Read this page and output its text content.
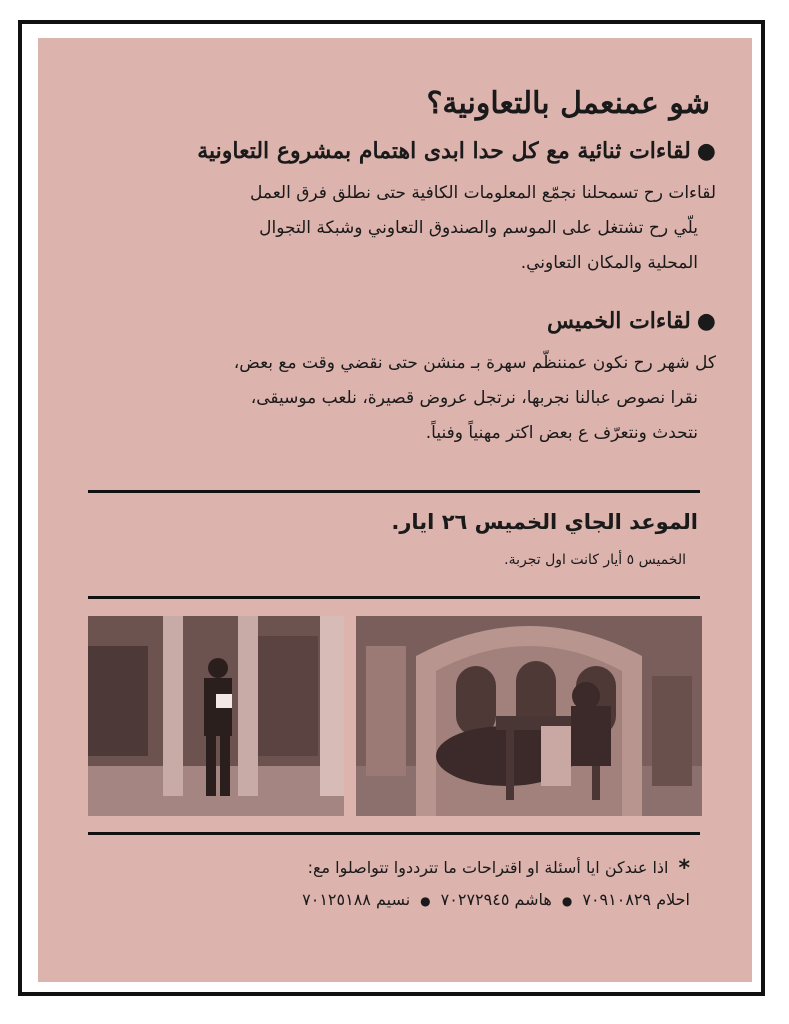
شو عمنعمل بالتعاونية؟
●لقاءات ثنائية مع كل حدا ابدى اهتمام بمشروع التعاونية
لقاءات رح تسمحلنا نجمّع المعلومات الكافية حتى نطلق فرق العمل
يلّي رح تشتغل على الموسم والصندوق التعاوني وشبكة التجوال
المحلية والمكان التعاوني.
●لقاءات الخميس
كل شهر رح نكون عمننظّم سهرة بـ منشن حتى نقضي وقت مع بعض،
نقرا نصوص عبالنا نجربها، نرتجل عروض قصيرة، نلعب موسيقى،
نتحدث ونتعرّف ع بعض اكتر مهنياً وفنياً.
الموعد الجاي الخميس ٢٦ ايار.
الخميس ٥ أيار كانت اول تجربة.
*اذا عندكن ايا أسئلة او اقتراحات ما تترددوا تتواصلوا مع:
احلام ٧٠٩١٠٨٢٩●هاشم ٧٠٢٧٢٩٤٥●نسيم ٧٠١٢٥١٨٨
